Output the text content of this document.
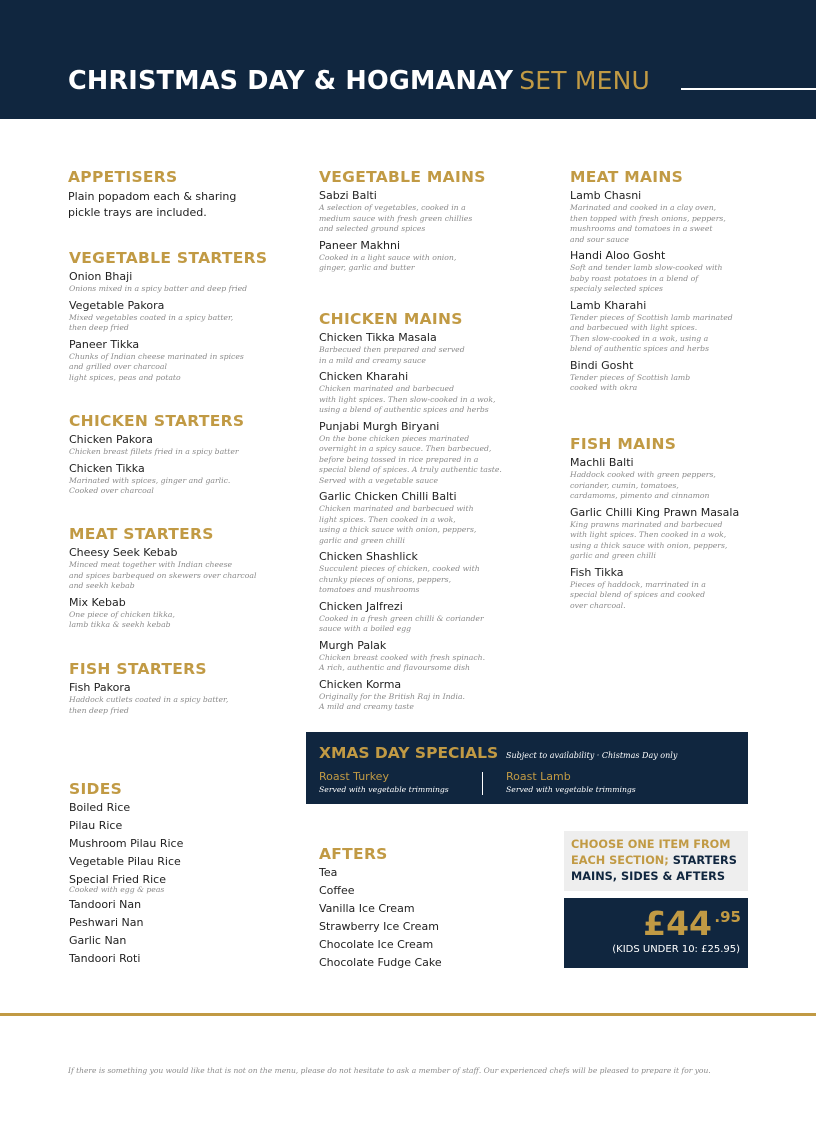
CHRISTMAS DAY & HOGMANAY SET MENU
APPETISERS
Plain popadom each & sharing
pickle trays are included.
VEGETABLE STARTERS
Onion Bhaji
Onions mixed in a spicy batter and deep fried
Vegetable Pakora
Mixed vegetables coated in a spicy batter,
then deep fried
Paneer Tikka
Chunks of Indian cheese marinated in spices
and grilled over charcoal
light spices, peas and potato
CHICKEN STARTERS
Chicken Pakora
Chicken breast fillets fried in a spicy batter
Chicken Tikka
Marinated with spices, ginger and garlic.
Cooked over charcoal
MEAT STARTERS
Cheesy Seek Kebab
Minced meat together with Indian cheese
and spices barbequed on skewers over charcoal
and seekh kebab
Mix Kebab
One piece of chicken tikka,
lamb tikka & seekh kebab
FISH STARTERS
Fish Pakora
Haddock cutlets coated in a spicy batter,
then deep fried
SIDES
Boiled Rice
Pilau Rice
Mushroom Pilau Rice
Vegetable Pilau Rice
Special Fried Rice
Cooked with egg & peas
Tandoori Nan
Peshwari Nan
Garlic Nan
Tandoori Roti
VEGETABLE MAINS
Sabzi Balti
A selection of vegetables, cooked in a
medium sauce with fresh green chillies
and selected ground spices
Paneer Makhni
Cooked in a light sauce with onion,
ginger, garlic and butter
CHICKEN MAINS
Chicken Tikka Masala
Barbecued then prepared and served
in a mild and creamy sauce
Chicken Kharahi
Chicken marinated and barbecued
with light spices. Then slow-cooked in a wok,
using a blend of authentic spices and herbs
Punjabi Murgh Biryani
On the bone chicken pieces marinated
overnight in a spicy sauce. Then barbecued,
before being tossed in rice prepared in a
special blend of spices. A truly authentic taste.
Served with a vegetable sauce
Garlic Chicken Chilli Balti
Chicken marinated and barbecued with
light spices. Then cooked in a wok,
using a thick sauce with onion, peppers,
garlic and green chilli
Chicken Shashlick
Succulent pieces of chicken, cooked with
chunky pieces of onions, peppers,
tomatoes and mushrooms
Chicken Jalfrezi
Cooked in a fresh green chilli & coriander
sauce with a boiled egg
Murgh Palak
Chicken breast cooked with fresh spinach.
A rich, authentic and flavoursome dish
Chicken Korma
Originally for the British Raj in India.
A mild and creamy taste
AFTERS
Tea
Coffee
Vanilla Ice Cream
Strawberry Ice Cream
Chocolate Ice Cream
Chocolate Fudge Cake
MEAT MAINS
Lamb Chasni
Marinated and cooked in a clay oven,
then topped with fresh onions, peppers,
mushrooms and tomatoes in a sweet
and sour sauce
Handi Aloo Gosht
Soft and tender lamb slow-cooked with
baby roast potatoes in a blend of
specialy selected spices
Lamb Kharahi
Tender pieces of Scottish lamb marinated
and barbecued with light spices.
Then slow-cooked in a wok, using a
blend of authentic spices and herbs
Bindi Gosht
Tender pieces of Scottish lamb
cooked with okra
FISH MAINS
Machli Balti
Haddock cooked with green peppers,
coriander, cumin, tomatoes,
cardamoms, pimento and cinnamon
Garlic Chilli King Prawn Masala
King prawns marinated and barbecued
with light spices. Then cooked in a wok,
using a thick sauce with onion, peppers,
garlic and green chilli
Fish Tikka
Pieces of haddock, marrinated in a
special blend of spices and cooked
over charcoal.
XMAS DAY SPECIALS Subject to availability · Chistmas Day only
Roast Turkey
Served with vegetable trimmings
Roast Lamb
Served with vegetable trimmings
CHOOSE ONE ITEM FROM
EACH SECTION; STARTERS
MAINS, SIDES & AFTERS
£44 .95
(KIDS UNDER 10: £25.95)
If there is something you would like that is not on the menu, please do not hesitate to ask a member of staff. Our experienced chefs will be pleased to prepare it for you.
